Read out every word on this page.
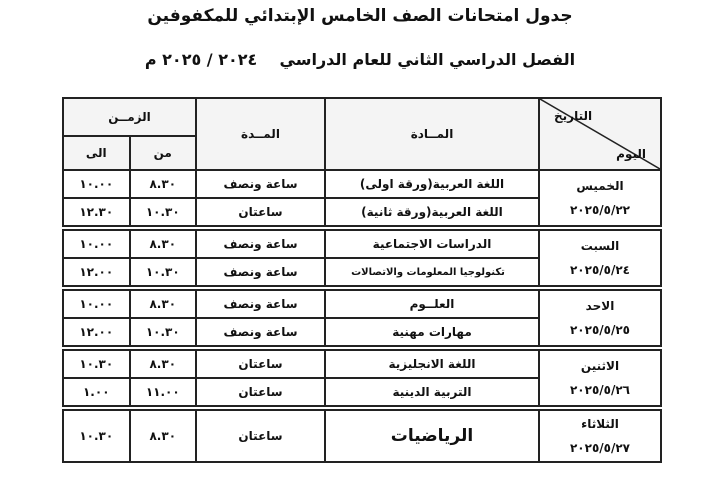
جدول امتحانات الصف الخامس الإبتدائي للمكفوفين
الفصل الدراسي الثاني للعام الدراسي    ٢٠٢٤ / ٢٠٢٥ م
التاريخ
اليوم	المــادة	المــدة	الزمــن	
			من	الى

الخميس
٢٠٢٥/٥/٢٢	اللغة العربية(ورقة اولى)	ساعة ونصف	٨.٣٠	١٠.٠٠
	اللغة العربية(ورقة ثانية)	ساعتان	١٠.٣٠	١٢.٣٠

السبت
٢٠٢٥/٥/٢٤	الدراسات الاجتماعية	ساعة ونصف	٨.٣٠	١٠.٠٠
	تكنولوجيا المعلومات والاتصالات	ساعة ونصف	١٠.٣٠	١٢.٠٠

الاحد
٢٠٢٥/٥/٢٥	العلــوم	ساعة ونصف	٨.٣٠	١٠.٠٠
	مهارات مهنية	ساعة ونصف	١٠.٣٠	١٢.٠٠

الاثنين
٢٠٢٥/٥/٢٦	اللغة الانجليزية	ساعتان	٨.٣٠	١٠.٣٠
	التربية الدينية	ساعتان	١١.٠٠	١.٠٠

الثلاثاء
٢٠٢٥/٥/٢٧	الرياضيات	ساعتان	٨.٣٠	١٠.٣٠
